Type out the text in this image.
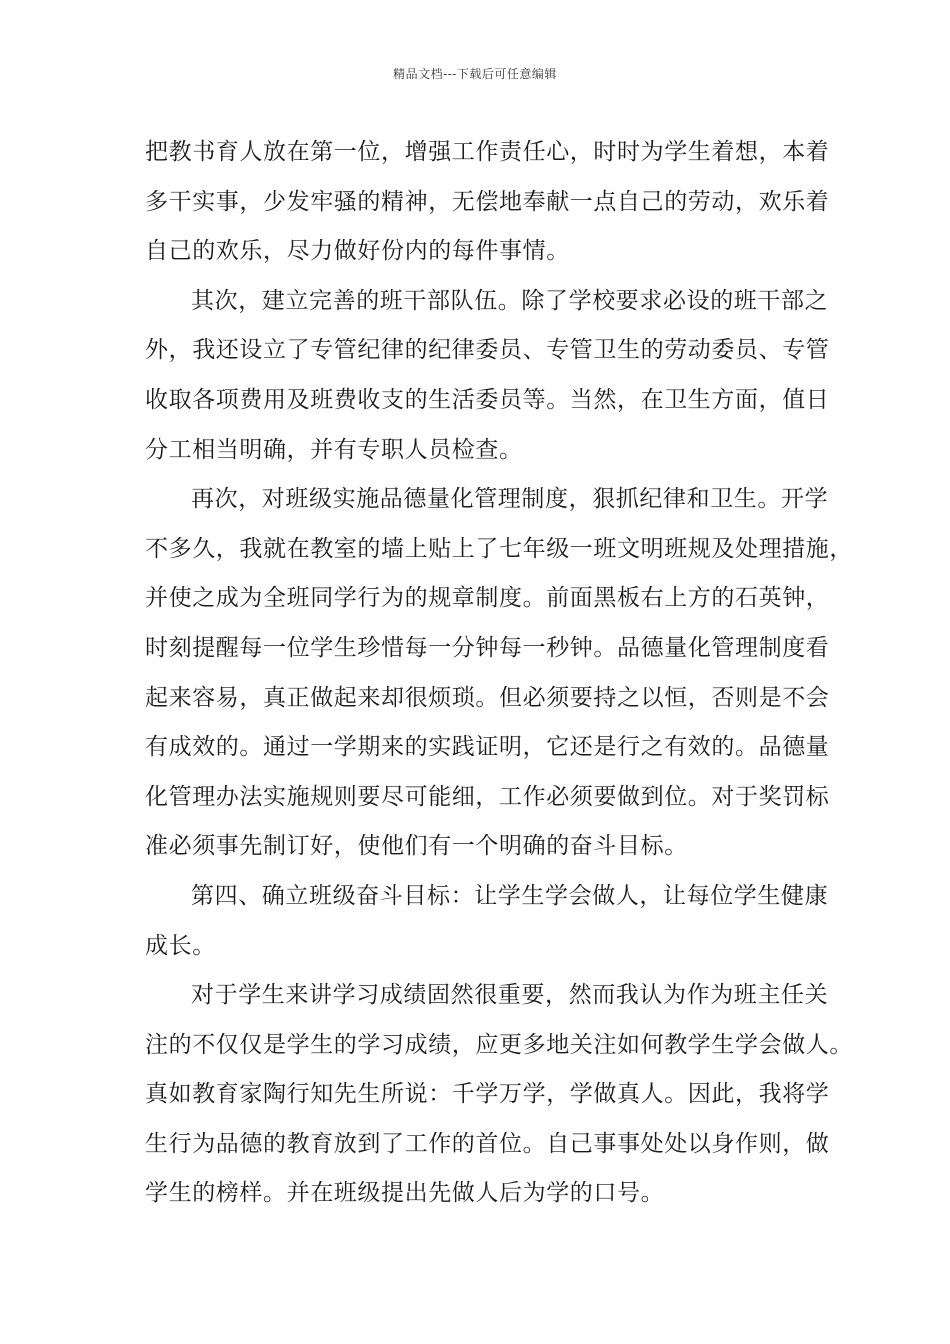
精品文档---下载后可任意编辑
把教书育人放在第一位，增强工作责任心，时时为学生着想，本着
多干实事，少发牢骚的精神，无偿地奉献一点自己的劳动，欢乐着
自己的欢乐，尽力做好份内的每件事情。
其次，建立完善的班干部队伍。除了学校要求必设的班干部之
外，我还设立了专管纪律的纪律委员、专管卫生的劳动委员、专管
收取各项费用及班费收支的生活委员等。当然，在卫生方面，值日
分工相当明确，并有专职人员检查。
再次，对班级实施品德量化管理制度，狠抓纪律和卫生。开学
不多久，我就在教室的墙上贴上了七年级一班文明班规及处理措施，
并使之成为全班同学行为的规章制度。前面黑板右上方的石英钟，
时刻提醒每一位学生珍惜每一分钟每一秒钟。品德量化管理制度看
起来容易，真正做起来却很烦琐。但必须要持之以恒，否则是不会
有成效的。通过一学期来的实践证明，它还是行之有效的。品德量
化管理办法实施规则要尽可能细，工作必须要做到位。对于奖罚标
准必须事先制订好，使他们有一个明确的奋斗目标。
第四、确立班级奋斗目标：让学生学会做人，让每位学生健康
成长。
对于学生来讲学习成绩固然很重要，然而我认为作为班主任关
注的不仅仅是学生的学习成绩，应更多地关注如何教学生学会做人。
真如教育家陶行知先生所说：千学万学，学做真人。因此，我将学
生行为品德的教育放到了工作的首位。自己事事处处以身作则，做
学生的榜样。并在班级提出先做人后为学的口号。
